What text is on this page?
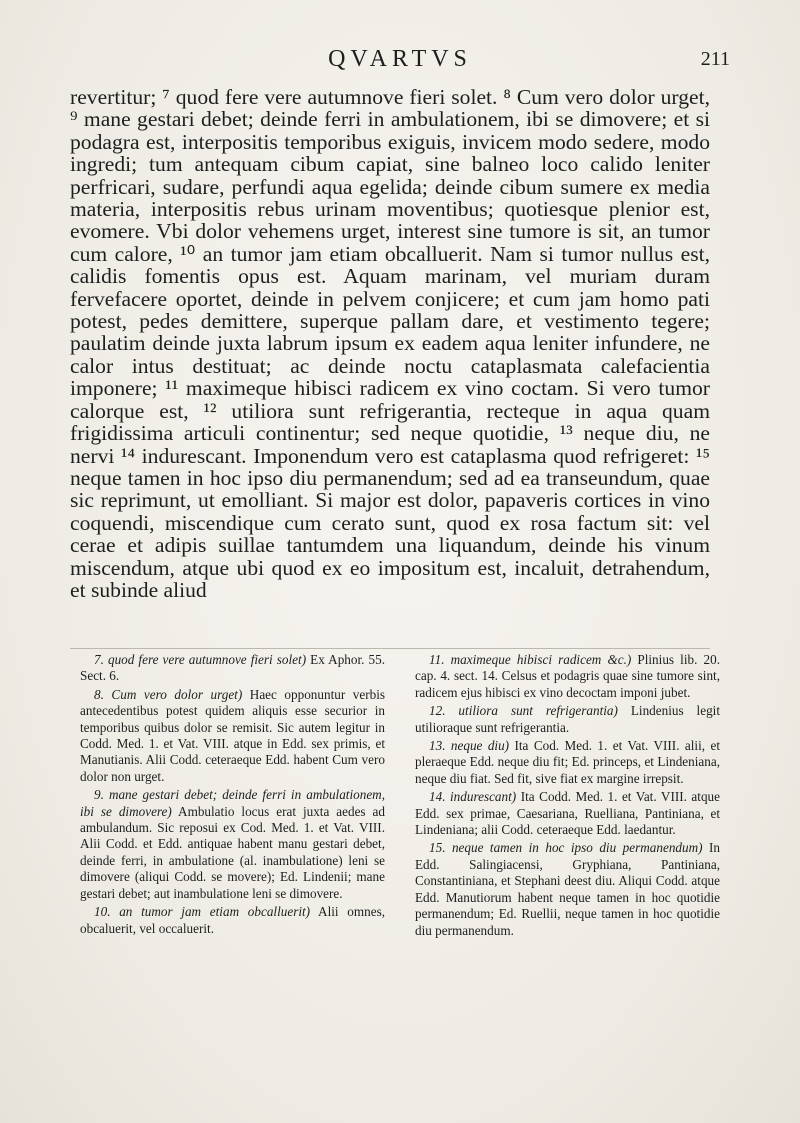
QVARTVS	211

revertitur; ⁷ quod fere vere autumnove fieri solet. ⁸ Cum vero dolor urget, ⁹ mane gestari debet; deinde ferri in ambulationem, ibi se dimovere; et si podagra est, interpositis temporibus exiguis, invicem modo sedere, modo ingredi; tum antequam cibum capiat, sine balneo loco calido leniter perfricari, sudare, perfundi aqua egelida; deinde cibum sumere ex media materia, interpositis rebus urinam moventibus; quotiesque plenior est, evomere. Vbi dolor vehemens urget, interest sine tumore is sit, an tumor cum calore, ¹⁰ an tumor jam etiam obcalluerit. Nam si tumor nullus est, calidis fomentis opus est. Aquam marinam, vel muriam duram fervefacere oportet, deinde in pelvem conjicere; et cum jam homo pati potest, pedes demittere, superque pallam dare, et vestimento tegere; paulatim deinde juxta labrum ipsum ex eadem aqua leniter infundere, ne calor intus destituat; ac deinde noctu cataplasmata calefacientia imponere; ¹¹ maximeque hibisci radicem ex vino coctam. Si vero tumor calorque est, ¹² utiliora sunt refrigerantia, recteque in aqua quam frigidissima articuli continentur; sed neque quotidie, ¹³ neque diu, ne nervi ¹⁴ indurescant. Imponendum vero est cataplasma quod refrigeret: ¹⁵ neque tamen in hoc ipso diu permanendum; sed ad ea transeundum, quae sic reprimunt, ut emolliant. Si major est dolor, papaveris cortices in vino coquendi, miscendique cum cerato sunt, quod ex rosa factum sit: vel cerae et adipis suillae tantumdem una liquandum, deinde his vinum miscendum, atque ubi quod ex eo impositum est, incaluit, detrahendum, et subinde aliud

7. quod fere vere autumnove fieri solet) Ex Aphor. 55. Sect. 6.

8. Cum vero dolor urget) Haec opponuntur verbis antecedentibus potest quidem aliquis esse securior in temporibus quibus dolor se remisit. Sic autem legitur in Codd. Med. 1. et Vat. VIII. atque in Edd. sex primis, et Manutianis. Alii Codd. ceteraeque Edd. habent Cum vero dolor non urget.

9. mane gestari debet; deinde ferri in ambulationem, ibi se dimovere) Ambulatio locus erat juxta aedes ad ambulandum. Sic reposui ex Cod. Med. 1. et Vat. VIII. Alii Codd. et Edd. antiquae habent manu gestari debet, deinde ferri, in ambulatione (al. inambulatione) leni se dimovere (aliqui Codd. se movere); Ed. Lindenii; mane gestari debet; aut inambulatione leni se dimovere.

10. an tumor jam etiam obcalluerit) Alii omnes, obcaluerit, vel occaluerit.

11. maximeque hibisci radicem &c.) Plinius lib. 20. cap. 4. sect. 14. Celsus et podagris quae sine tumore sint, radicem ejus hibisci ex vino decoctam imponi jubet.

12. utiliora sunt refrigerantia) Lindenius legit utilioraque sunt refrigerantia.

13. neque diu) Ita Cod. Med. 1. et Vat. VIII. alii, et pleraeque Edd. neque diu fit; Ed. princeps, et Lindeniana, neque diu fiat. Sed fit, sive fiat ex margine irrepsit.

14. indurescant) Ita Codd. Med. 1. et Vat. VIII. atque Edd. sex primae, Caesariana, Ruelliana, Pantiniana, et Lindeniana; alii Codd. ceteraeque Edd. laedantur.

15. neque tamen in hoc ipso diu permanendum) In Edd. Salingiacensi, Gryphiana, Pantiniana, Constantiniana, et Stephani deest diu. Aliqui Codd. atque Edd. Manutiorum habent neque tamen in hoc quotidie permanendum; Ed. Ruellii, neque tamen in hoc quotidie diu permanendum.
